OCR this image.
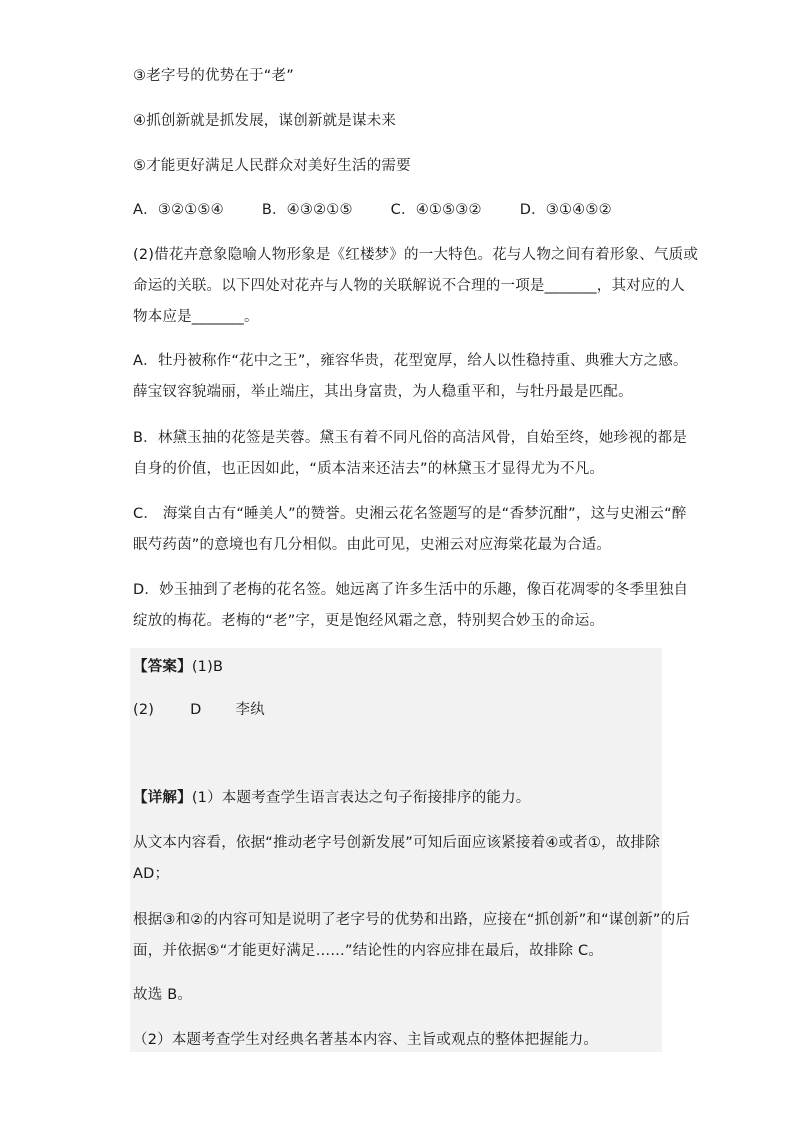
③老字号的优势在于“老”
④抓创新就是抓发展，谋创新就是谋未来
⑤才能更好满足人民群众对美好生活的需要
A．③②①⑤④	B．④③②①⑤	C．④①⑤③②	D．③①④⑤②
(2)借花卉意象隐喻人物形象是《红楼梦》的一大特色。花与人物之间有着形象、气质或
命运的关联。以下四处对花卉与人物的关联解说不合理的一项是_______，其对应的人
物本应是_______。
A．牡丹被称作“花中之王”，雍容华贵，花型宽厚，给人以性稳持重、典雅大方之感。
薛宝钗容貌端丽，举止端庄，其出身富贵，为人稳重平和，与牡丹最是匹配。
B．林黛玉抽的花签是芙蓉。黛玉有着不同凡俗的高洁风骨，自始至终，她珍视的都是
自身的价值，也正因如此，“质本洁来还洁去”的林黛玉才显得尤为不凡。
C． 海棠自古有“睡美人”的赞誉。史湘云花名签题写的是“香梦沉酣”，这与史湘云“醉
眠芍药茵”的意境也有几分相似。由此可见，史湘云对应海棠花最为合适。
D．妙玉抽到了老梅的花名签。她远离了许多生活中的乐趣，像百花凋零的冬季里独自
绽放的梅花。老梅的“老”字，更是饱经风霜之意，特别契合妙玉的命运。
【答案】(1)B
(2) D 李纨
【详解】(1）本题考查学生语言表达之句子衔接排序的能力。
从文本内容看，依据“推动老字号创新发展”可知后面应该紧接着④或者①，故排除
AD；
根据③和②的内容可知是说明了老字号的优势和出路，应接在“抓创新”和“谋创新”的后
面，并依据⑤“才能更好满足……”结论性的内容应排在最后，故排除 C。
故选 B。
（2）本题考查学生对经典名著基本内容、主旨或观点的整体把握能力。
